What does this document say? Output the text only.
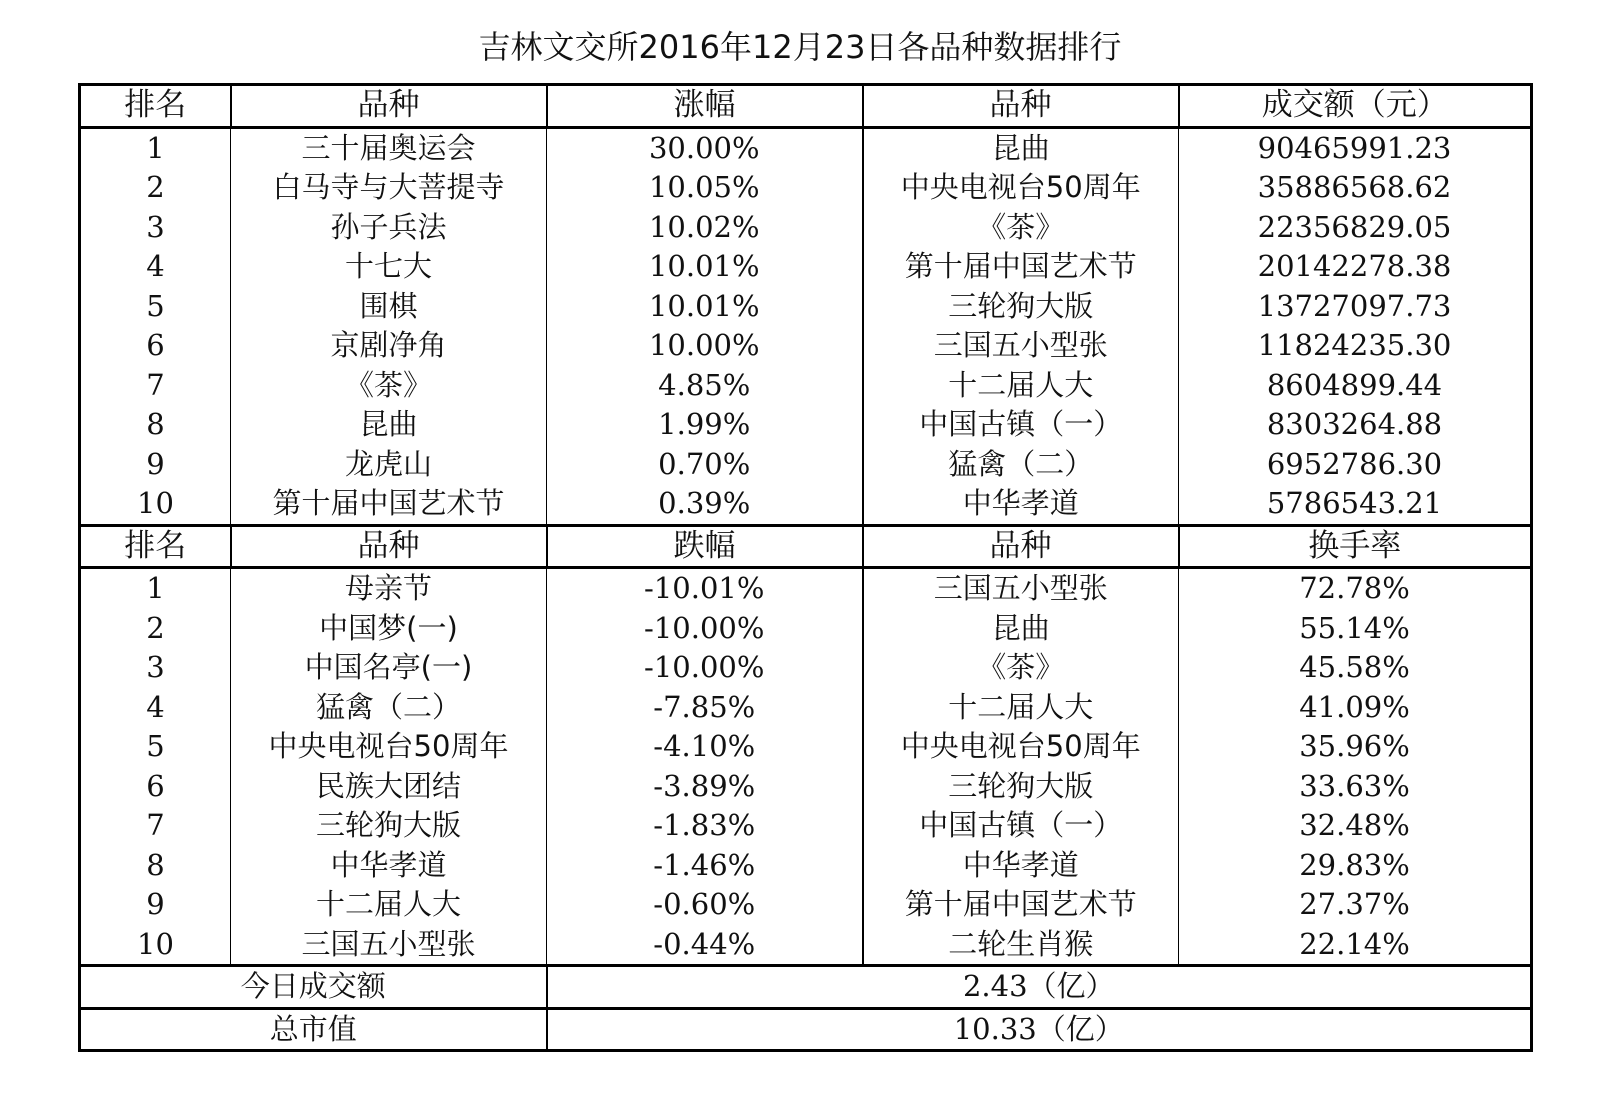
吉林文交所2016年12月23日各品种数据排行
排名	品种	涨幅	品种	成交额（元）
1	三十届奥运会	30.00%	昆曲	90465991.23
2	白马寺与大菩提寺	10.05%	中央电视台50周年	35886568.62
3	孙子兵法	10.02%	《茶》	22356829.05
4	十七大	10.01%	第十届中国艺术节	20142278.38
5	围棋	10.01%	三轮狗大版	13727097.73
6	京剧净角	10.00%	三国五小型张	11824235.30
7	《茶》	4.85%	十二届人大	8604899.44
8	昆曲	1.99%	中国古镇（一）	8303264.88
9	龙虎山	0.70%	猛禽（二）	6952786.30
10	第十届中国艺术节	0.39%	中华孝道	5786543.21
排名	品种	跌幅	品种	换手率
1	母亲节	-10.01%	三国五小型张	72.78%
2	中国梦(一)	-10.00%	昆曲	55.14%
3	中国名亭(一)	-10.00%	《茶》	45.58%
4	猛禽（二）	-7.85%	十二届人大	41.09%
5	中央电视台50周年	-4.10%	中央电视台50周年	35.96%
6	民族大团结	-3.89%	三轮狗大版	33.63%
7	三轮狗大版	-1.83%	中国古镇（一）	32.48%
8	中华孝道	-1.46%	中华孝道	29.83%
9	十二届人大	-0.60%	第十届中国艺术节	27.37%
10	三国五小型张	-0.44%	二轮生肖猴	22.14%
今日成交额		2.43（亿）		
总市值		10.33（亿）		
